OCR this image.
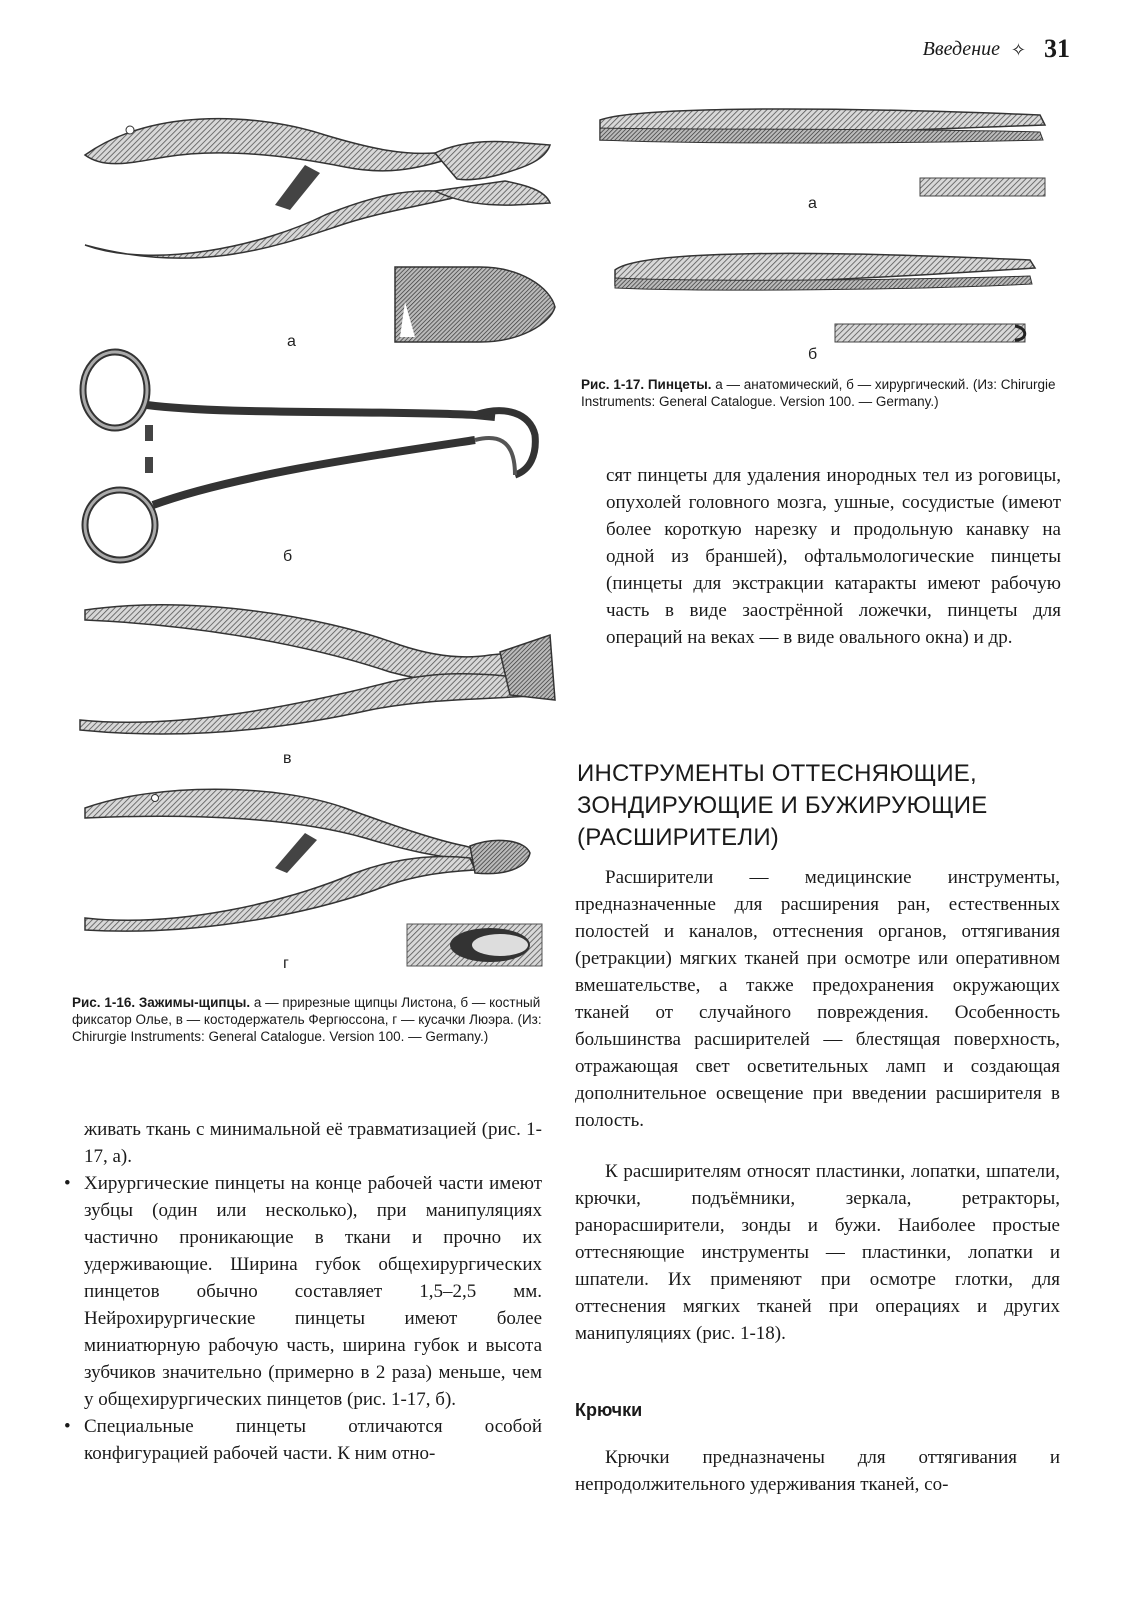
Введение ✧ 31
а
б
в
г
Рис. 1-16. Зажимы-щипцы. а — прирезные щипцы Листона, б — костный фиксатор Олье, в — костодержатель Фергюссона, г — кусачки Люэра. (Из: Chirurgie Instruments: General Catalogue. Version 100. — Germany.)
а
б
Рис. 1-17. Пинцеты. а — анатомический, б — хирургический. (Из: Chirurgie Instruments: General Catalogue. Version 100. — Germany.)

сят пинцеты для удаления инородных тел из роговицы, опухолей головного мозга, ушные, сосудистые (имеют более короткую нарезку и продольную канавку на одной из браншей), офтальмологические пинцеты (пинцеты для экстракции катаракты имеют рабочую часть в виде заострённой ложечки, пинцеты для операций на веках — в виде овального окна) и др.

ИНСТРУМЕНТЫ ОТТЕСНЯЮЩИЕ, ЗОНДИРУЮЩИЕ И БУЖИРУЮЩИЕ (РАСШИРИТЕЛИ)

Расширители — медицинские инструменты, предназначенные для расширения ран, естественных полостей и каналов, оттеснения органов, оттягивания (ретракции) мягких тканей при осмотре или оперативном вмешательстве, а также предохранения окружающих тканей от случайного повреждения. Особенность большинства расширителей — блестящая поверхность, отражающая свет осветительных ламп и создающая дополнительное освещение при введении расширителя в полость.

К расширителям относят пластинки, лопатки, шпатели, крючки, подъёмники, зеркала, ретракторы, ранорасширители, зонды и бужи. Наиболее простые оттесняющие инструменты — пластинки, лопатки и шпатели. Их применяют при осмотре глотки, для оттеснения мягких тканей при операциях и других манипуляциях (рис. 1-18).

Крючки

Крючки предназначены для оттягивания и непродолжительного удерживания тканей, со-

живать ткань с минимальной её травматизацией (рис. 1-17, а).

• Хирургические пинцеты на конце рабочей части имеют зубцы (один или несколько), при манипуляциях частично проникающие в ткани и прочно их удерживающие. Ширина губок общехирургических пинцетов обычно составляет 1,5–2,5 мм. Нейрохирургические пинцеты имеют более миниатюрную рабочую часть, ширина губок и высота зубчиков значительно (примерно в 2 раза) меньше, чем у общехирургических пинцетов (рис. 1-17, б).
• Специальные пинцеты отличаются особой конфигурацией рабочей части. К ним отно-
